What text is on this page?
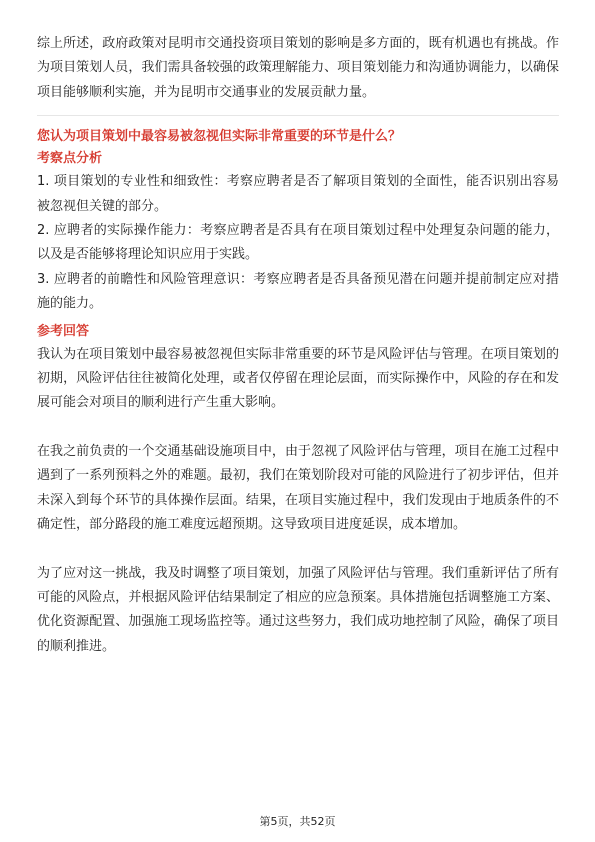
综上所述，政府政策对昆明市交通投资项目策划的影响是多方面的，既有机遇也有挑战。作为项目策划人员，我们需具备较强的政策理解能力、项目策划能力和沟通协调能力，以确保项目能够顺利实施，并为昆明市交通事业的发展贡献力量。

您认为项目策划中最容易被忽视但实际非常重要的环节是什么？

考察点分析

1. 项目策划的专业性和细致性：考察应聘者是否了解项目策划的全面性，能否识别出容易被忽视但关键的部分。

2. 应聘者的实际操作能力：考察应聘者是否具有在项目策划过程中处理复杂问题的能力，以及是否能够将理论知识应用于实践。

3. 应聘者的前瞻性和风险管理意识：考察应聘者是否具备预见潜在问题并提前制定应对措施的能力。

参考回答

我认为在项目策划中最容易被忽视但实际非常重要的环节是风险评估与管理。在项目策划的初期，风险评估往往被简化处理，或者仅停留在理论层面，而实际操作中，风险的存在和发展可能会对项目的顺利进行产生重大影响。

在我之前负责的一个交通基础设施项目中，由于忽视了风险评估与管理，项目在施工过程中遇到了一系列预料之外的难题。最初，我们在策划阶段对可能的风险进行了初步评估，但并未深入到每个环节的具体操作层面。结果，在项目实施过程中，我们发现由于地质条件的不确定性，部分路段的施工难度远超预期。这导致项目进度延误，成本增加。

为了应对这一挑战，我及时调整了项目策划，加强了风险评估与管理。我们重新评估了所有可能的风险点，并根据风险评估结果制定了相应的应急预案。具体措施包括调整施工方案、优化资源配置、加强施工现场监控等。通过这些努力，我们成功地控制了风险，确保了项目的顺利推进。

第5页，共52页
